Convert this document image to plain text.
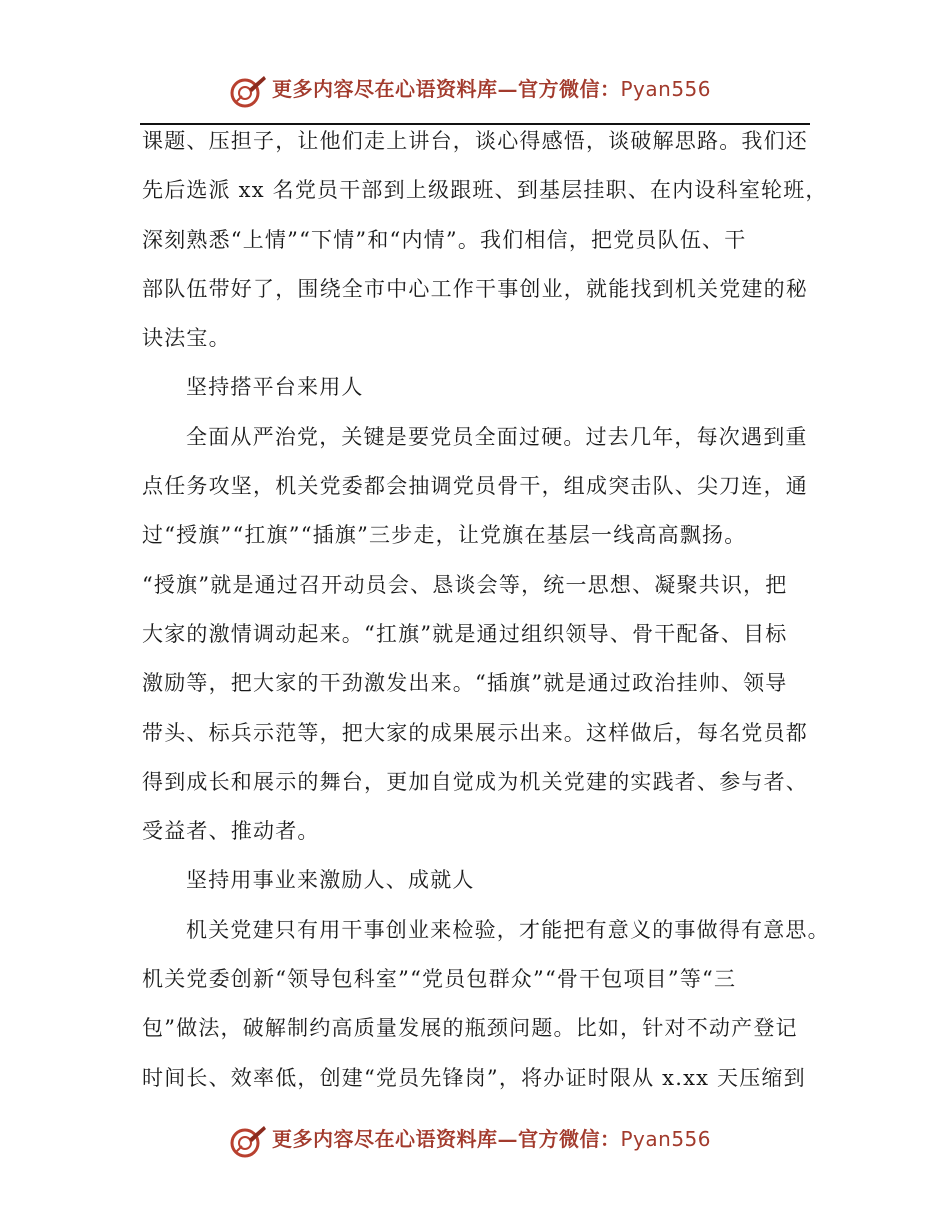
更多内容尽在心语资料库—官方微信：Pyan556
课题、压担子，让他们走上讲台，谈心得感悟，谈破解思路。我们还
先后选派 xx 名党员干部到上级跟班、到基层挂职、在内设科室轮班，
深刻熟悉“上情”“下情”和“内情”。我们相信，把党员队伍、干
部队伍带好了，围绕全市中心工作干事创业，就能找到机关党建的秘
诀法宝。
坚持搭平台来用人
全面从严治党，关键是要党员全面过硬。过去几年，每次遇到重
点任务攻坚，机关党委都会抽调党员骨干，组成突击队、尖刀连，通
过“授旗”“扛旗”“插旗”三步走，让党旗在基层一线高高飘扬。
“授旗”就是通过召开动员会、恳谈会等，统一思想、凝聚共识，把
大家的激情调动起来。“扛旗”就是通过组织领导、骨干配备、目标
激励等，把大家的干劲激发出来。“插旗”就是通过政治挂帅、领导
带头、标兵示范等，把大家的成果展示出来。这样做后，每名党员都
得到成长和展示的舞台，更加自觉成为机关党建的实践者、参与者、
受益者、推动者。
坚持用事业来激励人、成就人
机关党建只有用干事创业来检验，才能把有意义的事做得有意思。
机关党委创新“领导包科室”“党员包群众”“骨干包项目”等“三
包”做法，破解制约高质量发展的瓶颈问题。比如，针对不动产登记
时间长、效率低，创建“党员先锋岗”，将办证时限从 x.xx 天压缩到
更多内容尽在心语资料库—官方微信：Pyan556
